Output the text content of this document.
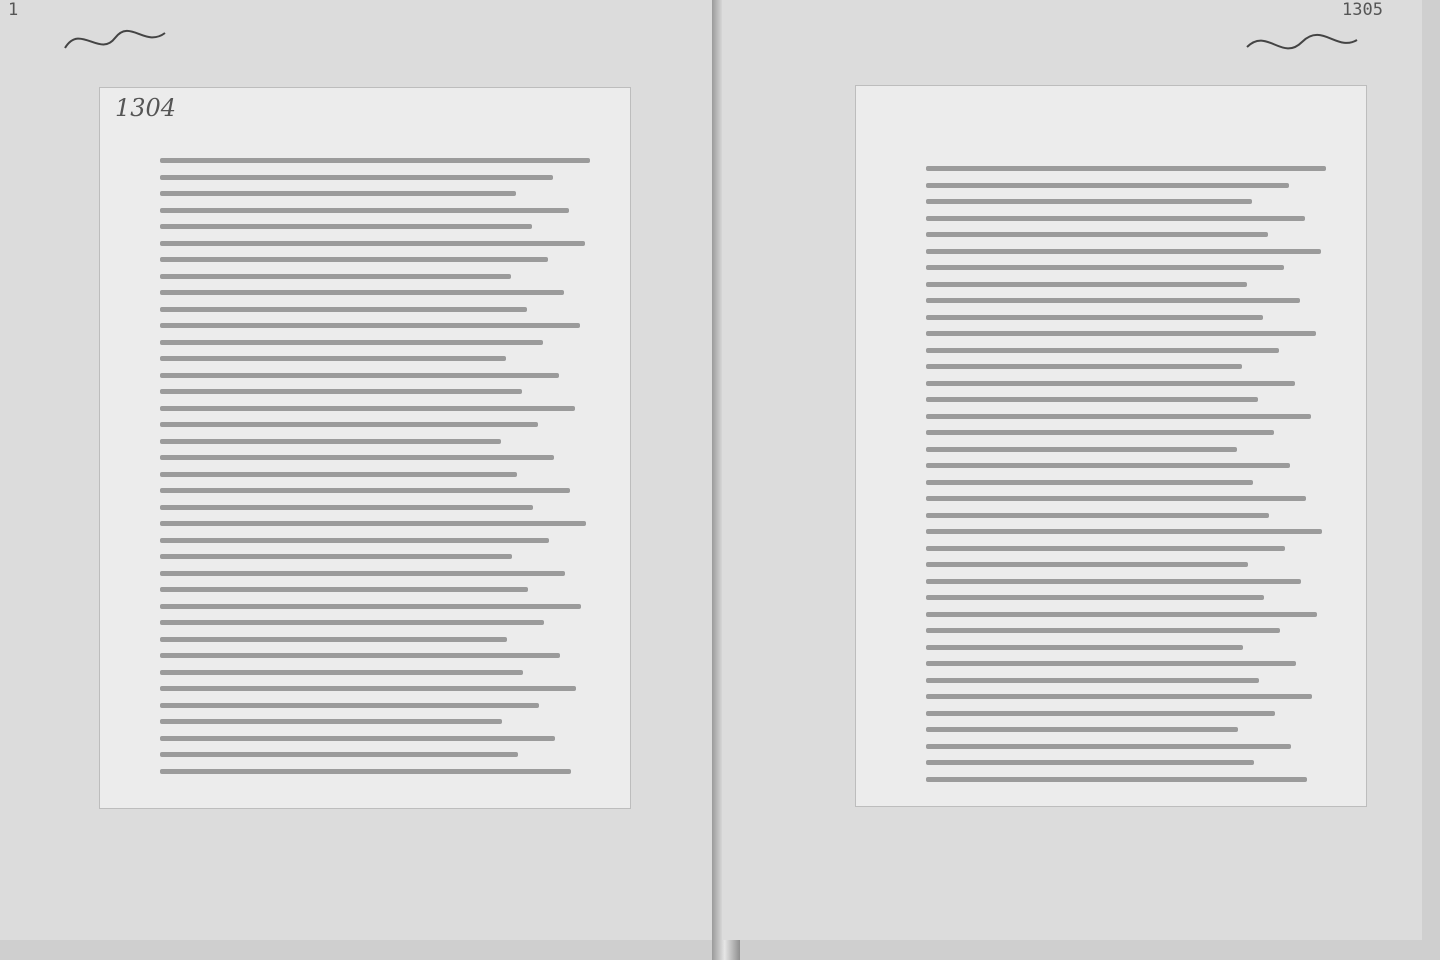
1
1304
1305
